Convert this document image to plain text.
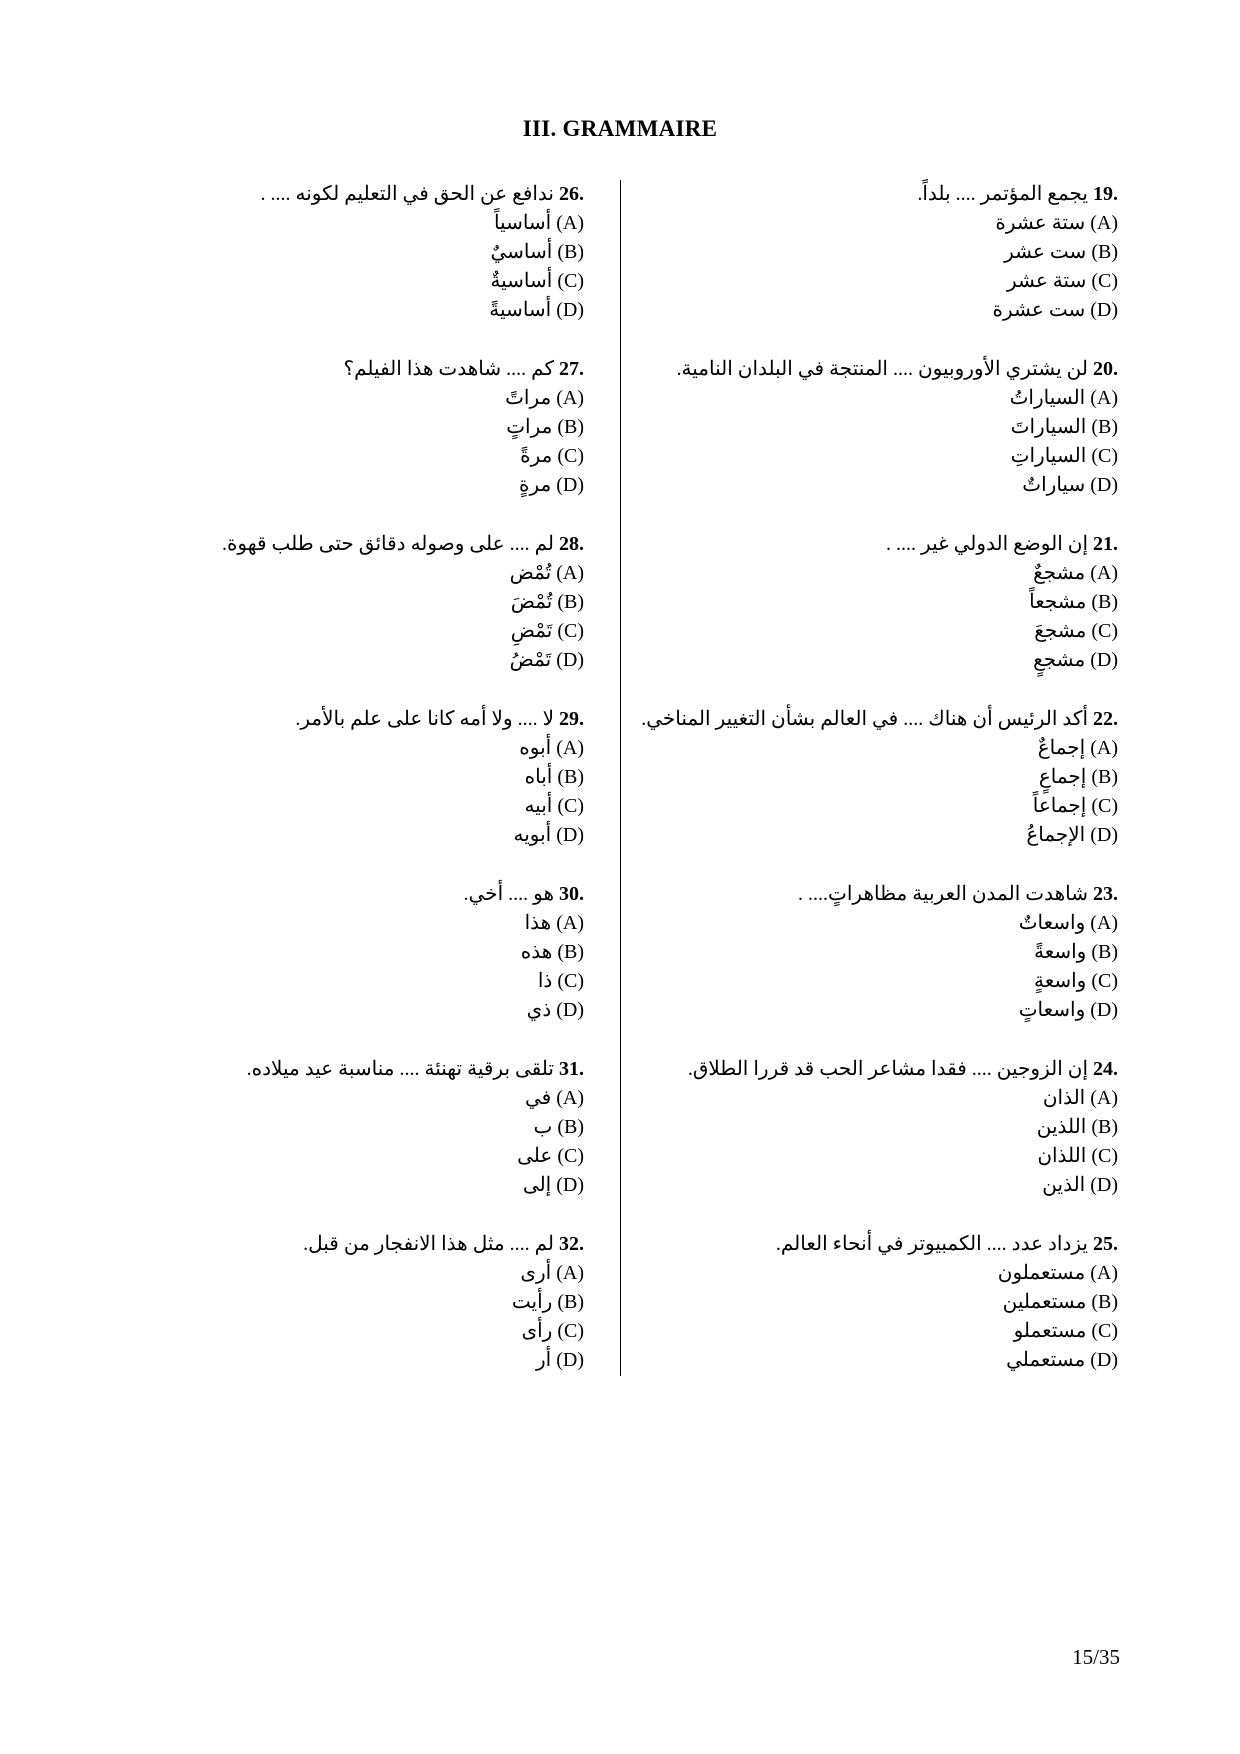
III. GRAMMAIRE
19. يجمع المؤتمر .... بلداً.
(A) ستة عشرة
(B) ست عشر
(C) ستة عشر
(D) ست عشرة
20. لن يشتري الأوروبيون .... المنتجة في البلدان النامية.
(A) السياراتُ
(B) السياراتَ
(C) السياراتِ
(D) سياراتٌ
21. إن الوضع الدولي غير .... .
(A) مشجعٌ
(B) مشجعاً
(C) مشجعَ
(D) مشجعٍ
22. أكد الرئيس أن هناك .... في العالم بشأن التغيير المناخي.
(A) إجماعٌ
(B) إجماعٍ
(C) إجماعاً
(D) الإجماعُ
23. شاهدت المدن العربية مظاهراتٍ.... .
(A) واسعاتٌ
(B) واسعةً
(C) واسعةٍ
(D) واسعاتٍ
24. إن الزوجين .... فقدا مشاعر الحب قد قررا الطلاق.
(A) الذان
(B) اللذين
(C) اللذان
(D) الذين
25. يزداد عدد .... الكمبيوتر في أنحاء العالم.
(A) مستعملون
(B) مستعملين
(C) مستعملو
(D) مستعملي
26. ندافع عن الحق في التعليم لكونه .... .
(A) أساسياً
(B) أساسيٌ
(C) أساسيةٌ
(D) أساسيةً
27. كم .... شاهدت هذا الفيلم؟
(A) مراتً
(B) مراتٍ
(C) مرةً
(D) مرةٍ
28. لم .... على وصوله دقائق حتى طلب قهوة.
(A) تُمْض
(B) تُمْضَ
(C) تَمْضِ
(D) تَمْضُ
29. لا .... ولا أمه كانا على علم بالأمر.
(A) أبوه
(B) أباه
(C) أبيه
(D) أبويه
30. هو .... أخي.
(A) هذا
(B) هذه
(C) ذا
(D) ذي
31. تلقى برقية تهنئة .... مناسبة عيد ميلاده.
(A) في
(B) ب
(C) على
(D) إلى
32. لم .... مثل هذا الانفجار من قبل.
(A) أرى
(B) رأيت
(C) رأى
(D) أر
15/35
